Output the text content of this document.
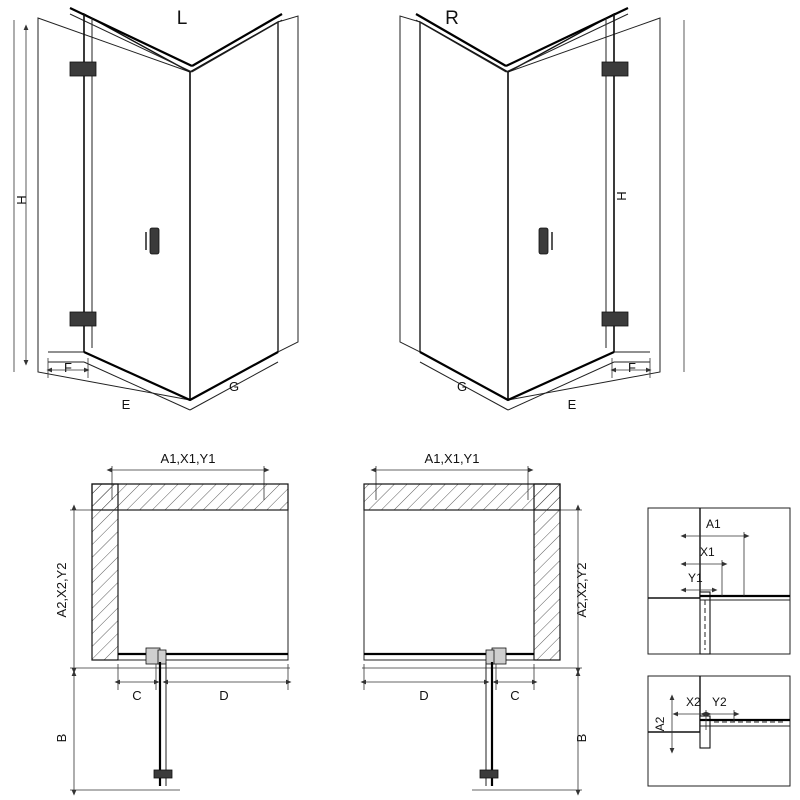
L
H
F
E
G
R
H
F
E
G
A1,X1,Y1
A2,X2,Y2
B
C	D
A1,X1,Y1
A2,X2,Y2
B
D	C
A1
X1
Y1
A2
X2 Y2
